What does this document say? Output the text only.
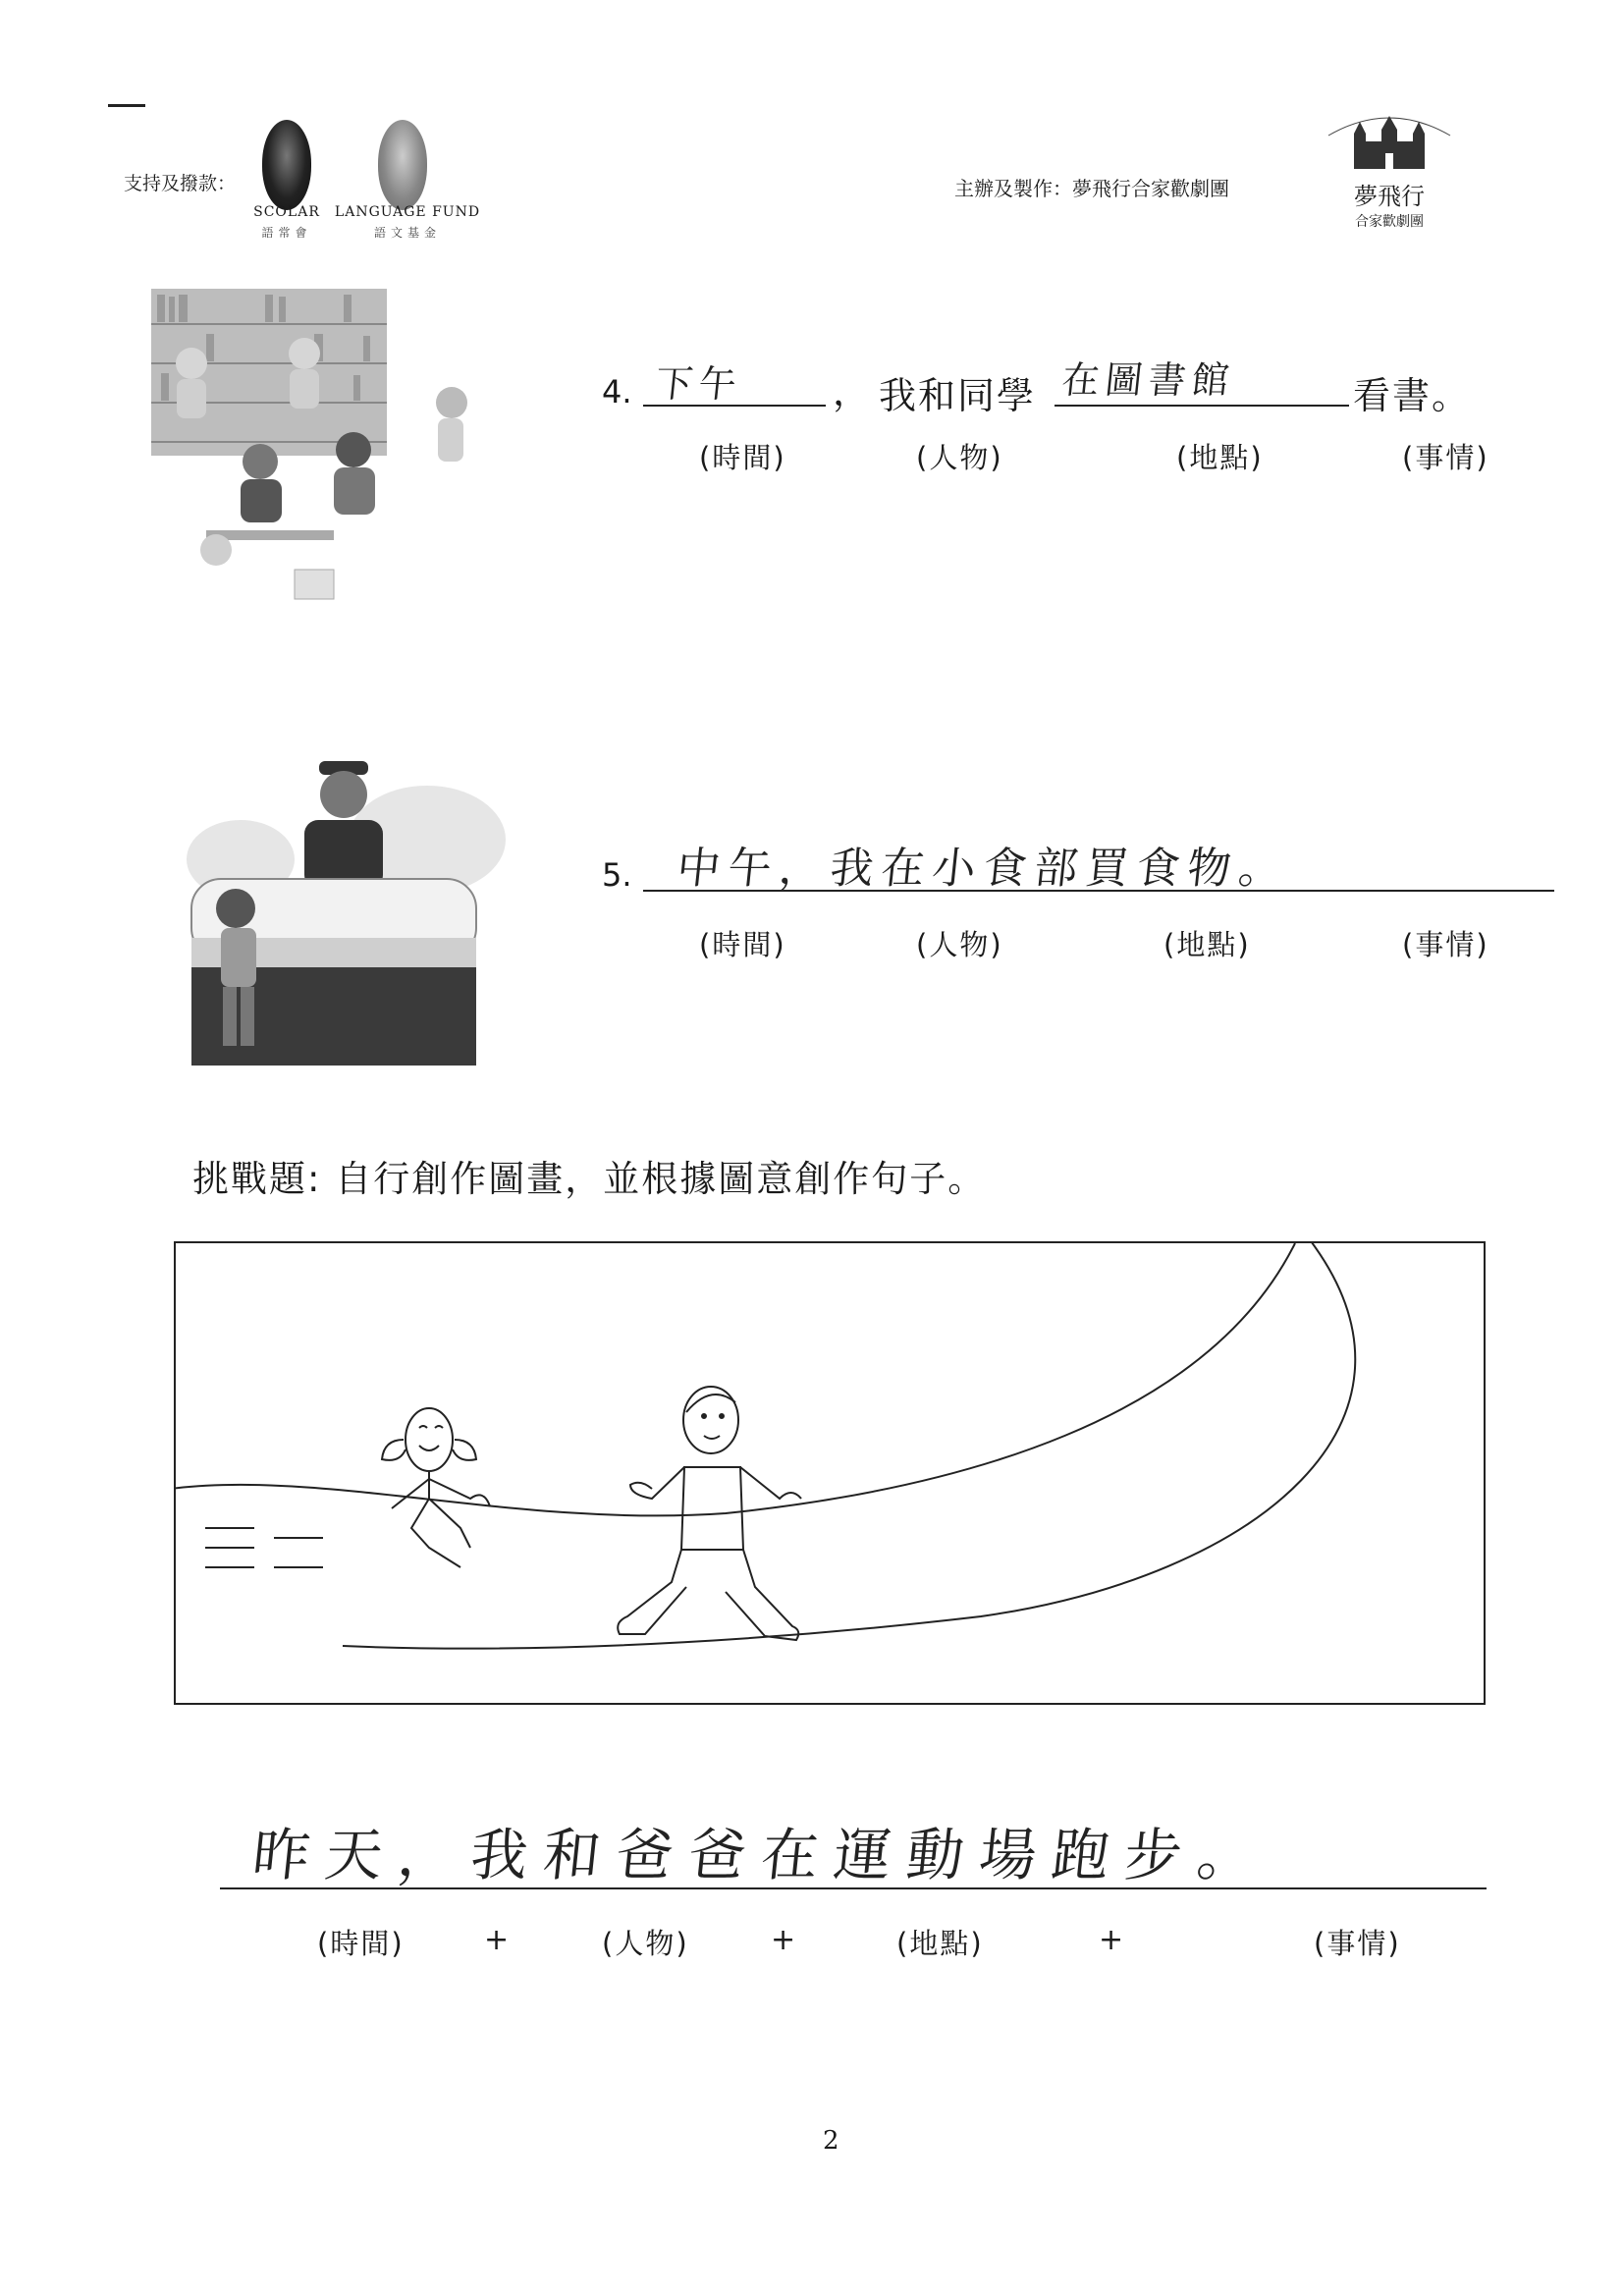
支持及撥款：
SCOLAR
語常會
LANGUAGE FUND
語文基金
主辦及製作：夢飛行合家歡劇團	夢飛行
合家歡劇團
4. 下午 ， 我和同學 在圖書館	看書。
(時間)	(人物)	(地點)	(事情)
5. 中午，我在小食部買食物。
(時間)	(人物)	(地點)	(事情)
挑戰題: 自行創作圖畫，並根據圖意創作句子。
昨天，我和爸爸在運動場跑步。
(時間)	+	(人物)	+	(地點)	+	(事情)
2
